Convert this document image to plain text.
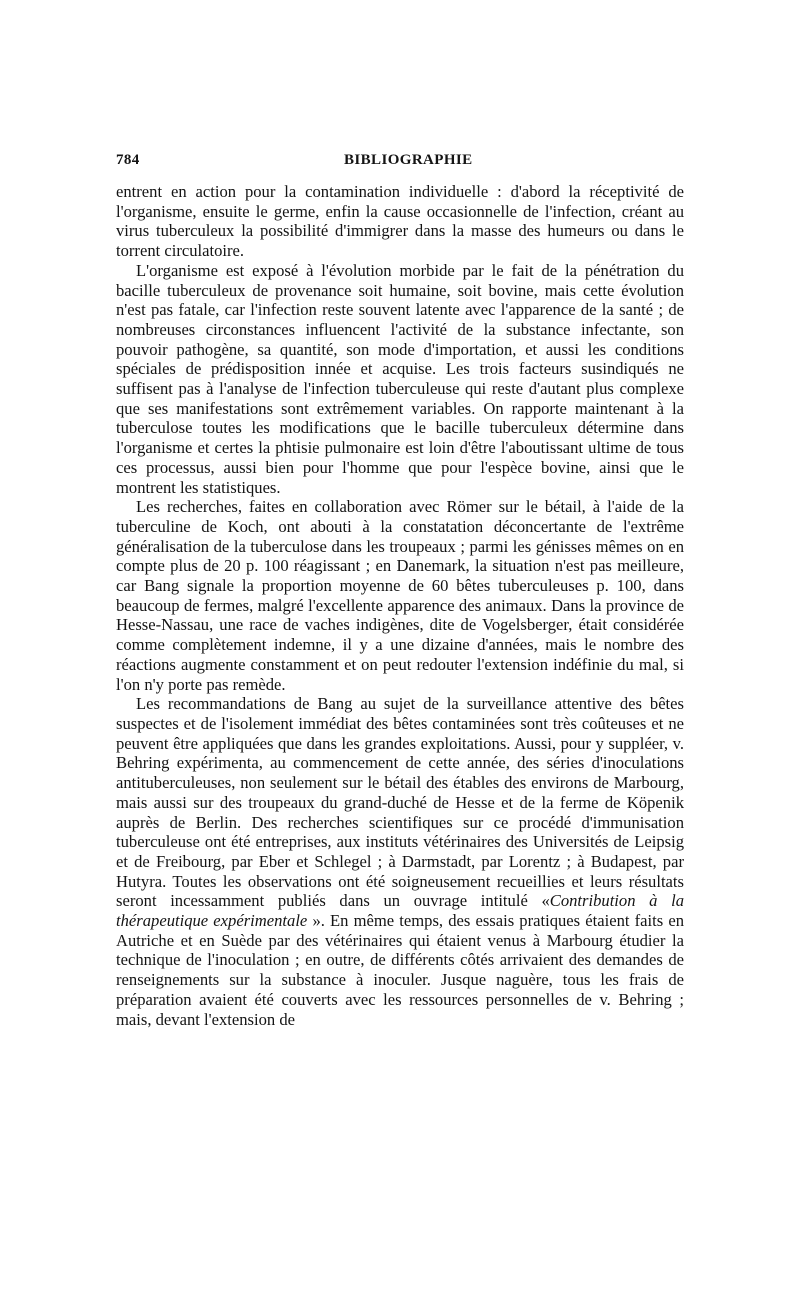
784	BIBLIOGRAPHIE

entrent en action pour la contamination individuelle : d'abord la réceptivité de l'organisme, ensuite le germe, enfin la cause occasionnelle de l'infection, créant au virus tuberculeux la possibilité d'immigrer dans la masse des humeurs ou dans le torrent circulatoire.

L'organisme est exposé à l'évolution morbide par le fait de la pénétration du bacille tuberculeux de provenance soit humaine, soit bovine, mais cette évolution n'est pas fatale, car l'infection reste souvent latente avec l'apparence de la santé ; de nombreuses circonstances influencent l'activité de la substance infectante, son pouvoir pathogène, sa quantité, son mode d'importation, et aussi les conditions spéciales de prédisposition innée et acquise. Les trois facteurs susindiqués ne suffisent pas à l'analyse de l'infection tuberculeuse qui reste d'autant plus complexe que ses manifestations sont extrêmement variables. On rapporte maintenant à la tuberculose toutes les modifications que le bacille tuberculeux détermine dans l'organisme et certes la phtisie pulmonaire est loin d'être l'aboutissant ultime de tous ces processus, aussi bien pour l'homme que pour l'espèce bovine, ainsi que le montrent les statistiques.

Les recherches, faites en collaboration avec Römer sur le bétail, à l'aide de la tuberculine de Koch, ont abouti à la constatation déconcertante de l'extrême généralisation de la tuberculose dans les troupeaux ; parmi les génisses mêmes on en compte plus de 20 p. 100 réagissant ; en Danemark, la situation n'est pas meilleure, car Bang signale la proportion moyenne de 60 bêtes tuberculeuses p. 100, dans beaucoup de fermes, malgré l'excellente apparence des animaux. Dans la province de Hesse-Nassau, une race de vaches indigènes, dite de Vogelsberger, était considérée comme complètement indemne, il y a une dizaine d'années, mais le nombre des réactions augmente constamment et on peut redouter l'extension indéfinie du mal, si l'on n'y porte pas remède.

Les recommandations de Bang au sujet de la surveillance attentive des bêtes suspectes et de l'isolement immédiat des bêtes contaminées sont très coûteuses et ne peuvent être appliquées que dans les grandes exploitations. Aussi, pour y suppléer, v. Behring expérimenta, au commencement de cette année, des séries d'inoculations antituberculeuses, non seulement sur le bétail des étables des environs de Marbourg, mais aussi sur des troupeaux du grand-duché de Hesse et de la ferme de Köpenik auprès de Berlin. Des recherches scientifiques sur ce procédé d'immunisation tuberculeuse ont été entreprises, aux instituts vétérinaires des Universités de Leipsig et de Freibourg, par Eber et Schlegel ; à Darmstadt, par Lorentz ; à Budapest, par Hutyra. Toutes les observations ont été soigneusement recueillies et leurs résultats seront incessamment publiés dans un ouvrage intitulé «Contribution à la thérapeutique expérimentale ». En même temps, des essais pratiques étaient faits en Autriche et en Suède par des vétérinaires qui étaient venus à Marbourg étudier la technique de l'inoculation ; en outre, de différents côtés arrivaient des demandes de renseignements sur la substance à inoculer. Jusque naguère, tous les frais de préparation avaient été couverts avec les ressources personnelles de v. Behring ; mais, devant l'extension de
